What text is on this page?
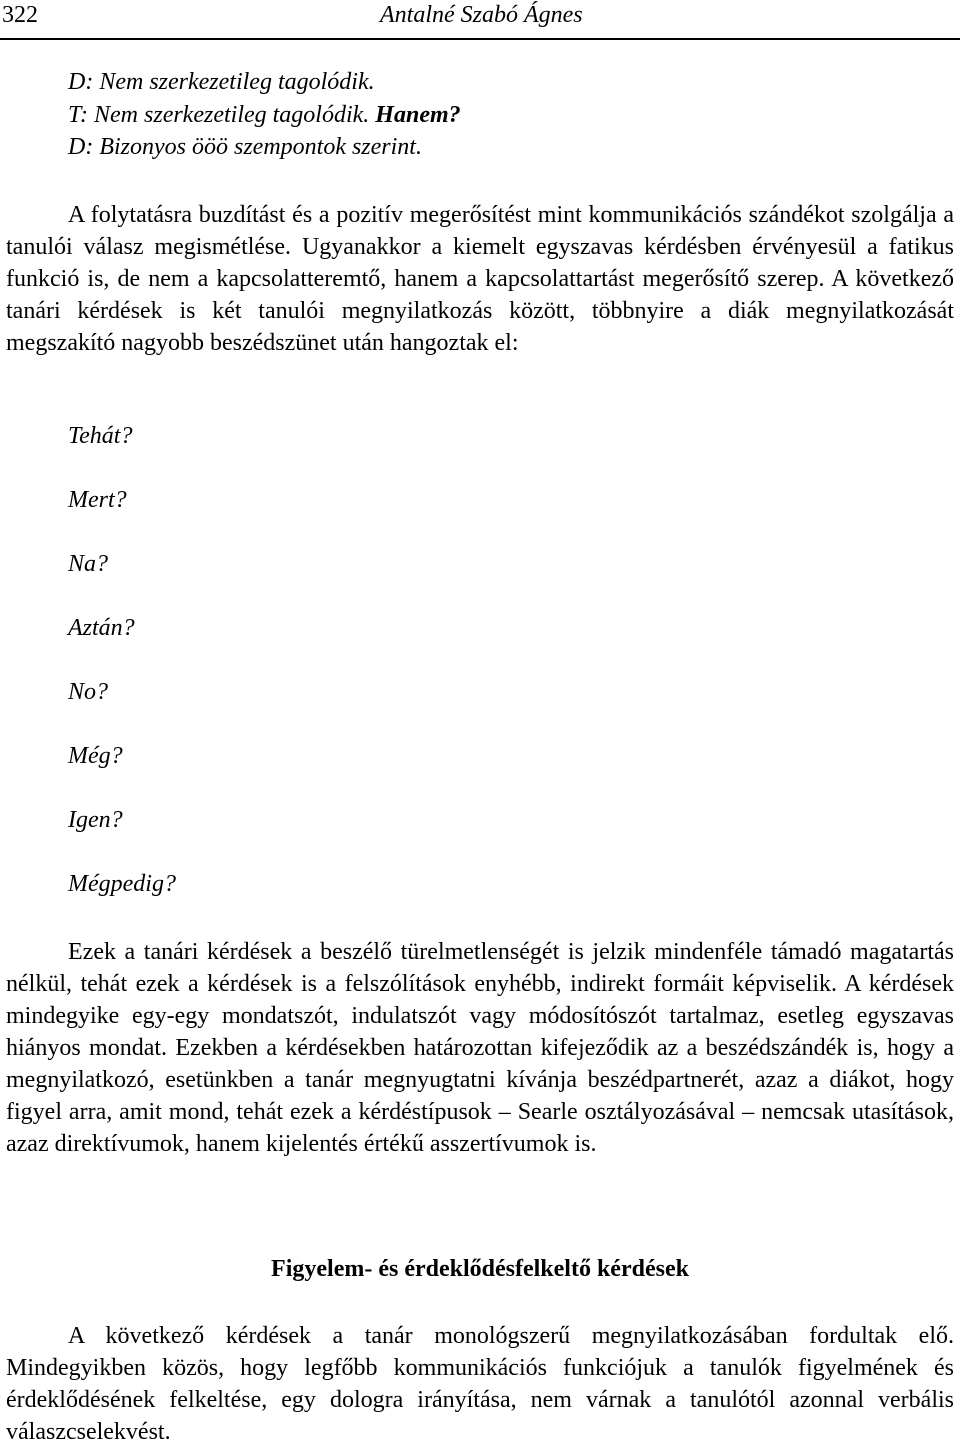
322	Antalné Szabó Ágnes
D: Nem szerkezetileg tagolódik.
T: Nem szerkezetileg tagolódik. Hanem?
D: Bizonyos ööö szempontok szerint.

A folytatásra buzdítást és a pozitív megerősítést mint kommunikációs szándékot szolgálja a tanulói válasz megismétlése. Ugyanakkor a kiemelt egyszavas kérdésben érvényesül a fatikus funkció is, de nem a kapcsolatteremtő, hanem a kapcsolattartást megerősítő szerep. A következő tanári kérdések is két tanulói megnyilatkozás között, többnyire a diák megnyilatkozását megszakító nagyobb beszédszünet után hangoztak el:

Tehát?
Mert?
Na?
Aztán?
No?
Még?
Igen?
Mégpedig?

Ezek a tanári kérdések a beszélő türelmetlenségét is jelzik mindenféle támadó magatartás nélkül, tehát ezek a kérdések is a felszólítások enyhébb, indirekt formáit képviselik. A kérdések mindegyike egy-egy mondatszót, indulatszót vagy módosítószót tartalmaz, esetleg egyszavas hiányos mondat. Ezekben a kérdésekben határozottan kifejeződik az a beszédszándék is, hogy a megnyilatkozó, esetünkben a tanár megnyugtatni kívánja beszédpartnerét, azaz a diákot, hogy figyel arra, amit mond, tehát ezek a kérdéstípusok – Searle osztályozásával – nemcsak utasítások, azaz direktívumok, hanem kijelentés értékű asszertívumok is.

Figyelem- és érdeklődésfelkeltő kérdések

A következő kérdések a tanár monológszerű megnyilatkozásában fordultak elő. Mindegyikben közös, hogy legfőbb kommunikációs funkciójuk a tanulók figyelmének és érdeklődésének felkeltése, egy dologra irányítása, nem várnak a tanulótól azonnal verbális válaszcselekvést.
